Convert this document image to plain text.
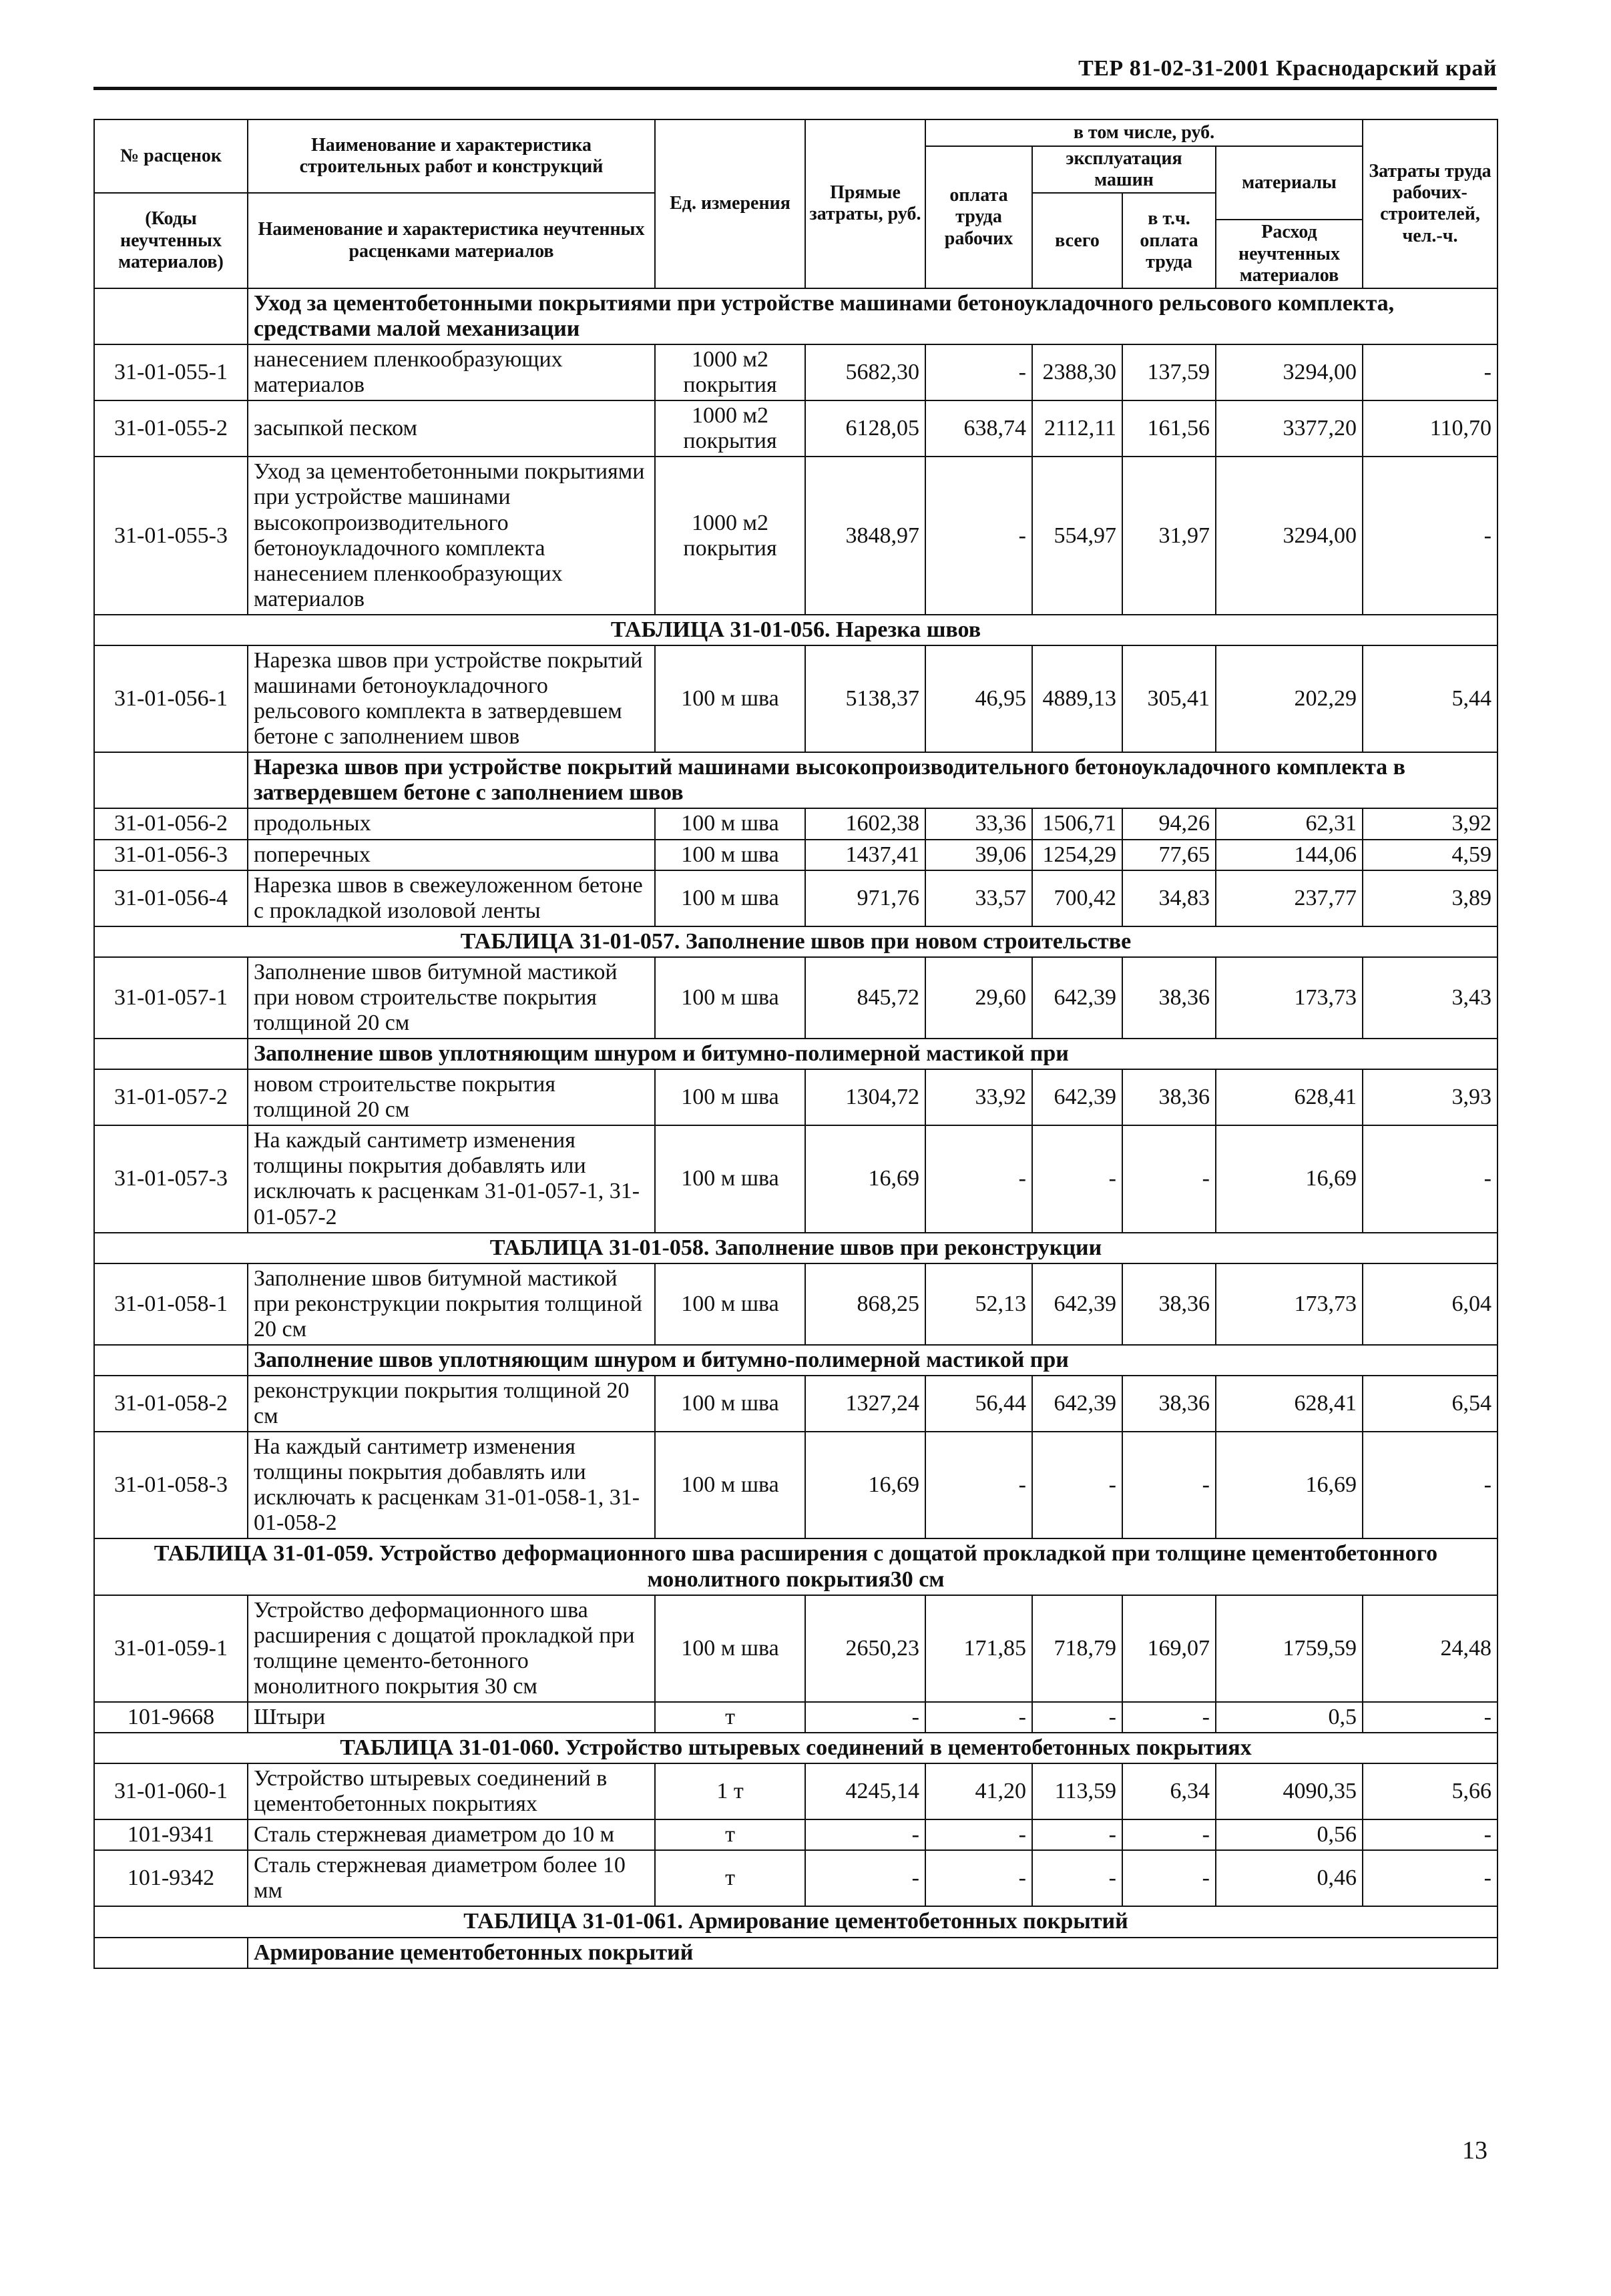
ТЕР 81-02-31-2001 Краснодарский край
№ расценок	Наименование и характеристика строительных работ и конструкций	Ед. измерения	Прямые затраты, руб.	в том числе, руб.				Затраты труда рабочих-строителей, чел.-ч.
				оплата труда рабочих	эксплуатация машин		материалы	
(Коды неучтенных материалов)	Наименование и характеристика неучтенных расценками материалов				всего	в т.ч. оплата труда		
							Расход неучтенных материалов	
	Уход за цементобетонными покрытиями при устройстве машинами бетоноукладочного рельсового комплекта, средствами малой механизации							
31-01-055-1	нанесением пленкообразующих материалов	1000 м2 покрытия	5682,30	-	2388,30	137,59	3294,00	-
31-01-055-2	засыпкой песком	1000 м2 покрытия	6128,05	638,74	2112,11	161,56	3377,20	110,70
31-01-055-3	Уход за цементобетонными покрытиями при устройстве машинами высокопроизводительного бетоноукладочного комплекта нанесением пленкообразующих материалов	1000 м2 покрытия	3848,97	-	554,97	31,97	3294,00	-
ТАБЛИЦА 31-01-056. Нарезка швов								
31-01-056-1	Нарезка швов при устройстве покрытий машинами бетоноукладочного рельсового комплекта в затвердевшем бетоне с заполнением швов	100 м шва	5138,37	46,95	4889,13	305,41	202,29	5,44
	Нарезка швов при устройстве покрытий машинами высокопроизводительного бетоноукладочного комплекта в затвердевшем бетоне с заполнением швов							
31-01-056-2	продольных	100 м шва	1602,38	33,36	1506,71	94,26	62,31	3,92
31-01-056-3	поперечных	100 м шва	1437,41	39,06	1254,29	77,65	144,06	4,59
31-01-056-4	Нарезка швов в свежеуложенном бетоне с прокладкой изоловой ленты	100 м шва	971,76	33,57	700,42	34,83	237,77	3,89
ТАБЛИЦА 31-01-057. Заполнение швов при новом строительстве								
31-01-057-1	Заполнение швов битумной мастикой при новом строительстве покрытия толщиной 20 см	100 м шва	845,72	29,60	642,39	38,36	173,73	3,43
	Заполнение швов уплотняющим шнуром и битумно-полимерной мастикой при							
31-01-057-2	новом строительстве покрытия толщиной 20 см	100 м шва	1304,72	33,92	642,39	38,36	628,41	3,93
31-01-057-3	На каждый сантиметр изменения толщины покрытия добавлять или исключать к расценкам 31-01-057-1, 31-01-057-2	100 м шва	16,69	-	-	-	16,69	-
ТАБЛИЦА 31-01-058. Заполнение швов при реконструкции								
31-01-058-1	Заполнение швов битумной мастикой при реконструкции покрытия толщиной 20 см	100 м шва	868,25	52,13	642,39	38,36	173,73	6,04
	Заполнение швов уплотняющим шнуром и битумно-полимерной мастикой при							
31-01-058-2	реконструкции покрытия толщиной 20 см	100 м шва	1327,24	56,44	642,39	38,36	628,41	6,54
31-01-058-3	На каждый сантиметр изменения толщины покрытия добавлять или исключать к расценкам 31-01-058-1, 31-01-058-2	100 м шва	16,69	-	-	-	16,69	-
ТАБЛИЦА 31-01-059. Устройство деформационного шва расширения с дощатой прокладкой при толщине цементобетонного монолитного покрытия30 см								
31-01-059-1	Устройство деформационного шва расширения с дощатой прокладкой при толщине цементо-бетонного монолитного покрытия 30 см	100 м шва	2650,23	171,85	718,79	169,07	1759,59	24,48
101-9668	Штыри	т	-	-	-	-	0,5	-
ТАБЛИЦА 31-01-060. Устройство штыревых соединений в цементобетонных покрытиях								
31-01-060-1	Устройство штыревых соединений в цементобетонных покрытиях	1 т	4245,14	41,20	113,59	6,34	4090,35	5,66
101-9341	Сталь стержневая диаметром до 10 м	т	-	-	-	-	0,56	-
101-9342	Сталь стержневая диаметром более 10 мм	т	-	-	-	-	0,46	-
ТАБЛИЦА 31-01-061. Армирование цементобетонных покрытий								
	Армирование цементобетонных покрытий							
13
